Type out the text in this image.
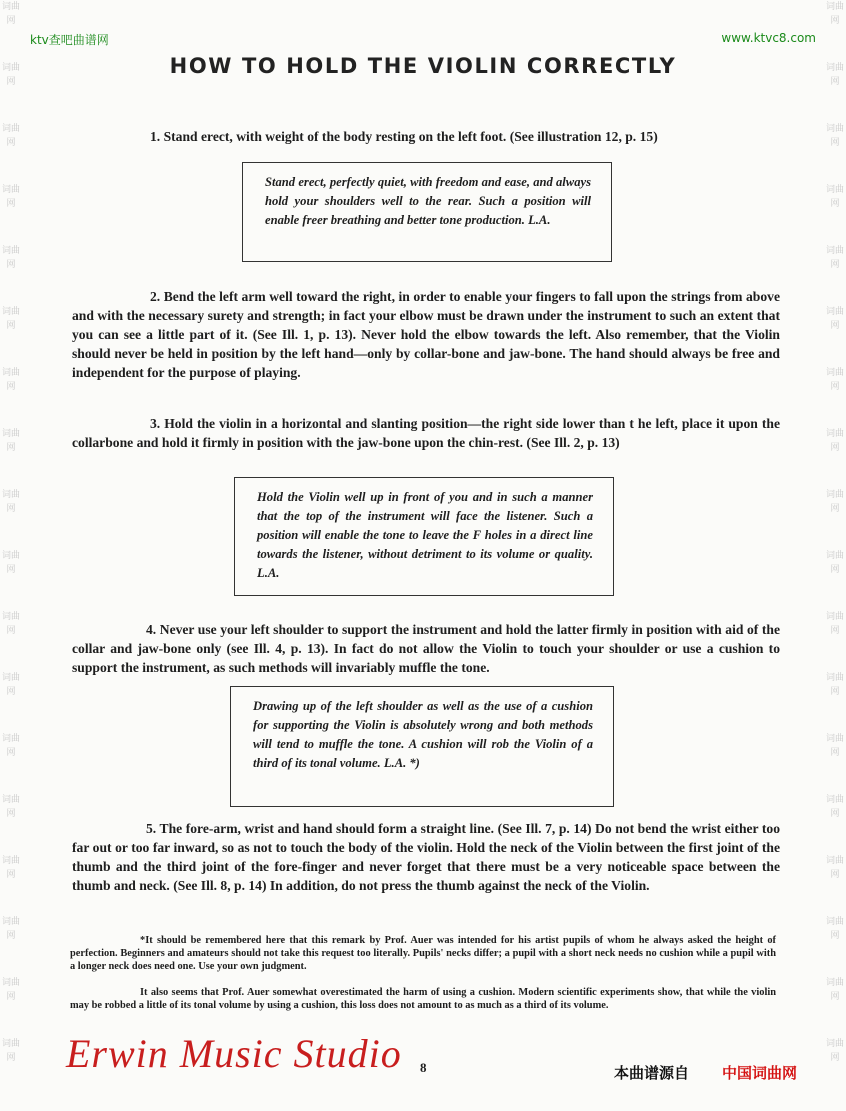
词曲网
词曲网
词曲网
词曲网
词曲网
词曲网
词曲网
词曲网
词曲网
词曲网
词曲网
词曲网
词曲网
词曲网
词曲网
词曲网
词曲网
词曲网
词曲网
词曲网
词曲网
词曲网
词曲网
词曲网
词曲网
词曲网
词曲网
词曲网
词曲网
词曲网
词曲网
词曲网
词曲网
词曲网
词曲网
词曲网
ktv查吧曲谱网	www.ktvc8.com
HOW TO HOLD THE VIOLIN CORRECTLY
1. Stand erect, with weight of the body resting on the left foot. (See illustration 12, p. 15)
Stand erect, perfectly quiet, with freedom and ease, and always hold your shoulders well to the rear. Such a position will enable freer breathing and better tone production. L.A.
2. Bend the left arm well toward the right, in order to enable your fingers to fall upon the strings from above and with the necessary surety and strength; in fact your elbow must be drawn under the instrument to such an extent that you can see a little part of it. (See Ill. 1, p. 13). Never hold the elbow towards the left. Also remember, that the Violin should never be held in position by the left hand—only by collar-bone and jaw-bone. The hand should always be free and independent for the purpose of playing.
3. Hold the violin in a horizontal and slanting position—the right side lower than t he left, place it upon the collarbone and hold it firmly in position with the jaw-bone upon the chin-rest. (See Ill. 2, p. 13)
Hold the Violin well up in front of you and in such a manner that the top of the instrument will face the listener. Such a position will enable the tone to leave the F holes in a direct line towards the listener, without detriment to its volume or quality. L.A.
4. Never use your left shoulder to support the instrument and hold the latter firmly in position with aid of the collar and jaw-bone only (see Ill. 4, p. 13). In fact do not allow the Violin to touch your shoulder or use a cushion to support the instrument, as such methods will invariably muffle the tone.
Drawing up of the left shoulder as well as the use of a cushion for supporting the Violin is absolutely wrong and both methods will tend to muffle the tone. A cushion will rob the Violin of a third of its tonal volume. L.A. *)
5. The fore-arm, wrist and hand should form a straight line. (See Ill. 7, p. 14) Do not bend the wrist either too far out or too far inward, so as not to touch the body of the violin. Hold the neck of the Violin between the first joint of the thumb and the third joint of the fore-finger and never forget that there must be a very noticeable space between the thumb and neck. (See Ill. 8, p. 14) In addition, do not press the thumb against the neck of the Violin.
*It should be remembered here that this remark by Prof. Auer was intended for his artist pupils of whom he always asked the height of perfection. Beginners and amateurs should not take this request too literally. Pupils' necks differ; a pupil with a short neck needs no cushion while a pupil with a longer neck does need one. Use your own judgment.
It also seems that Prof. Auer somewhat overestimated the harm of using a cushion. Modern scientific experiments show, that while the violin may be robbed a little of its tonal volume by using a cushion, this loss does not amount to as much as a third of its volume.
Erwin Music Studio 8	本曲谱源自 中国词曲网
